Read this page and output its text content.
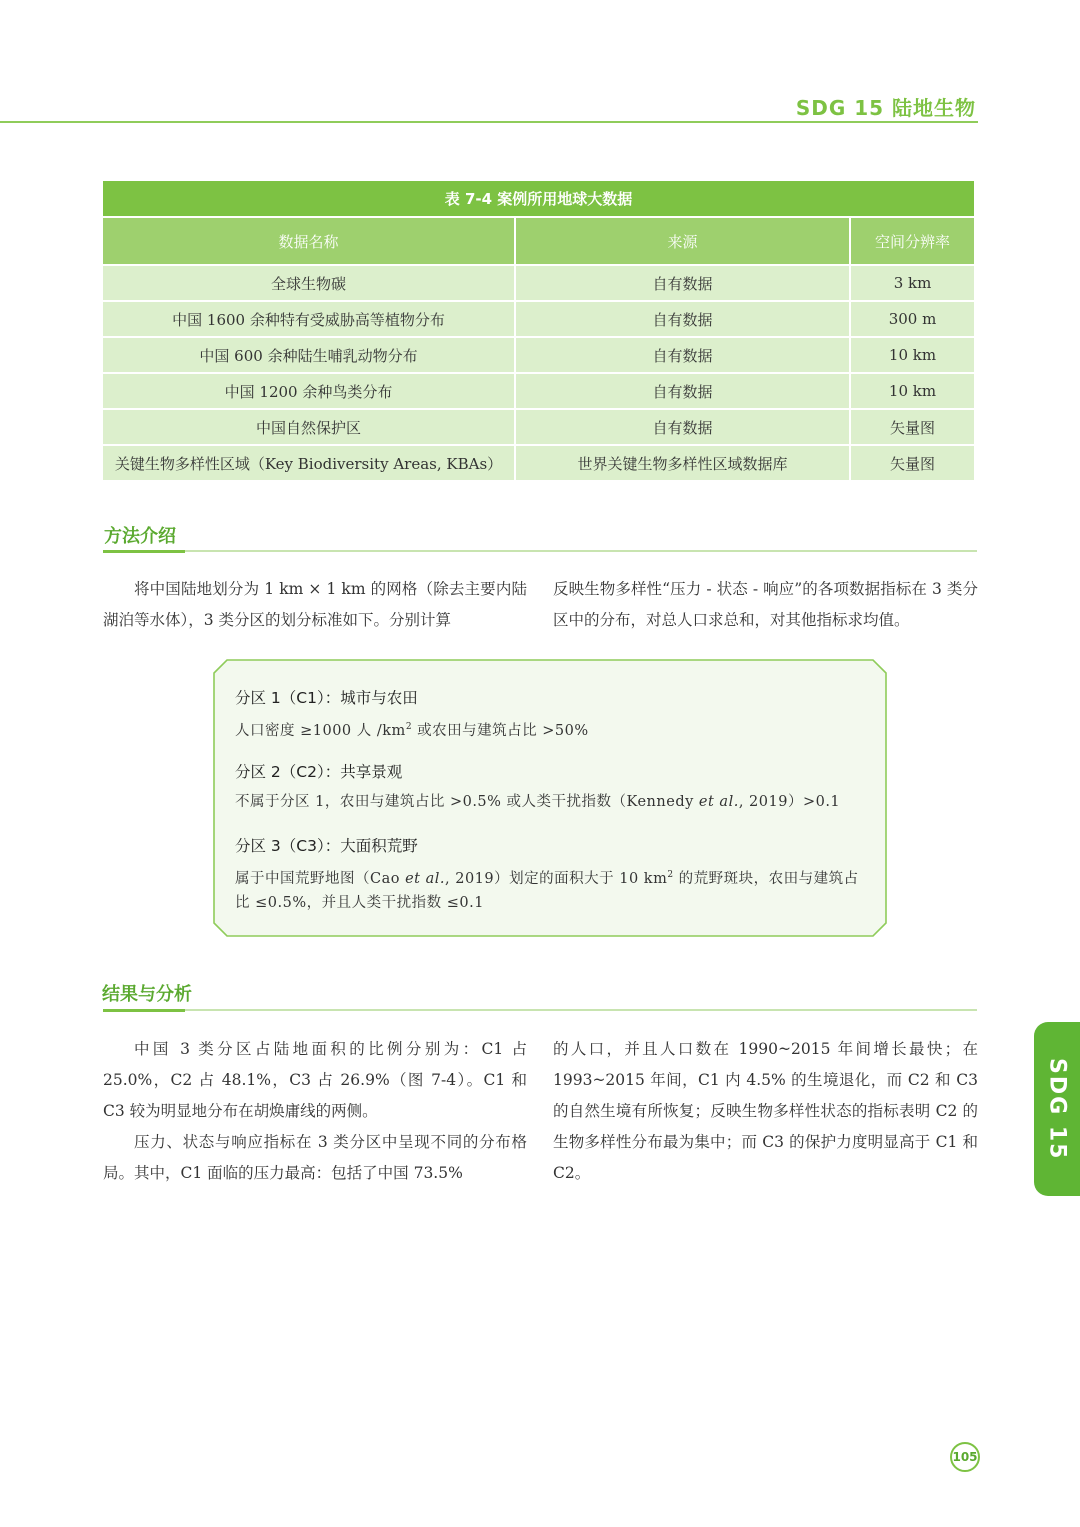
SDG 15 陆地生物
表 7-4 案例所用地球大数据		
数据名称	来源	空间分辨率
全球生物碳	自有数据	3 km
中国 1600 余种特有受威胁高等植物分布	自有数据	300 m
中国 600 余种陆生哺乳动物分布	自有数据	10 km
中国 1200 余种鸟类分布	自有数据	10 km
中国自然保护区	自有数据	矢量图
关键生物多样性区域（Key Biodiversity Areas, KBAs）	世界关键生物多样性区域数据库	矢量图
方法介绍

将中国陆地划分为 1 km × 1 km 的网格（除去主要内陆湖泊等水体），3 类分区的划分标准如下。分别计算

反映生物多样性“压力 - 状态 - 响应”的各项数据指标在 3 类分区中的分布，对总人口求总和，对其他指标求均值。

分区 1（C1）：城市与农田
人口密度 ≥1000 人 $/km^2$ 或农田与建筑占比 >50%
分区 2（C2）：共享景观
不属于分区 1，农田与建筑占比 >0.5% 或人类干扰指数（Kennedy et al., 2019）>0.1
分区 3（C3）：大面积荒野
属于中国荒野地图（Cao et al., 2019）划定的面积大于 10 $km^2$ 的荒野斑块，农田与建筑占比 ≤0.5%，并且人类干扰指数 ≤0.1
结果与分析

中国 3 类分区占陆地面积的比例分别为：C1 占 25.0%，C2 占 48.1%，C3 占 26.9%（图 7-4）。C1 和 C3 较为明显地分布在胡焕庸线的两侧。

压力、状态与响应指标在 3 类分区中呈现不同的分布格局。其中，C1 面临的压力最高：包括了中国 73.5%

的人口，并且人口数在 1990~2015 年间增长最快；在 1993~2015 年间，C1 内 4.5% 的生境退化，而 C2 和 C3 的自然生境有所恢复；反映生物多样性状态的指标表明 C2 的生物多样性分布最为集中；而 C3 的保护力度明显高于 C1 和 C2。

SDG 15
105
